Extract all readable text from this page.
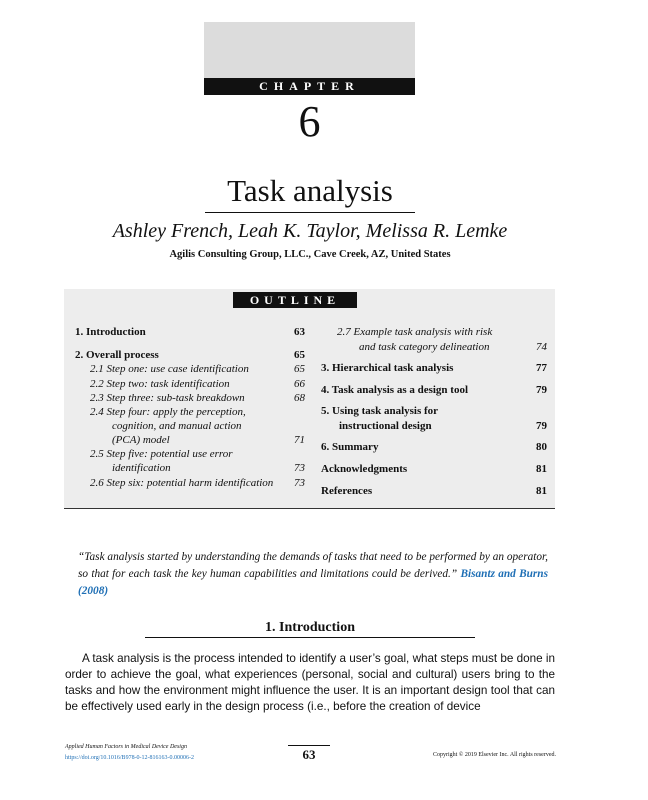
CHAPTER
6
Task analysis
Ashley French, Leah K. Taylor, Melissa R. Lemke
Agilis Consulting Group, LLC., Cave Creek, AZ, United States
OUTLINE
1. Introduction	63
2. Overall process	65
2.1 Step one: use case identification	65
2.2 Step two: task identification	66
2.3 Step three: sub-task breakdown	68
2.4 Step four: apply the perception,
cognition, and manual action
(PCA) model	71
2.5 Step five: potential use error
identification	73
2.6 Step six: potential harm identification 73
2.7 Example task analysis with risk
and task category delineation	74
3. Hierarchical task analysis	77
4. Task analysis as a design tool	79
5. Using task analysis for
instructional design	79
6. Summary	80
Acknowledgments	81
References	81
“Task analysis started by understanding the demands of tasks that need to be performed by an operator, so that for each task the key human capabilities and limitations could be derived.” Bisantz and Burns (2008)
1. Introduction
A task analysis is the process intended to identify a user’s goal, what steps must be done in order to achieve the goal, what experiences (personal, social and cultural) users bring to the tasks and how the environment might influence the user. It is an important design tool that can be effectively used early in the design process (i.e., before the creation of device
Applied Human Factors in Medical Device Design
https://doi.org/10.1016/B978-0-12-816163-0.00006-2	63	Copyright © 2019 Elsevier Inc. All rights reserved.
